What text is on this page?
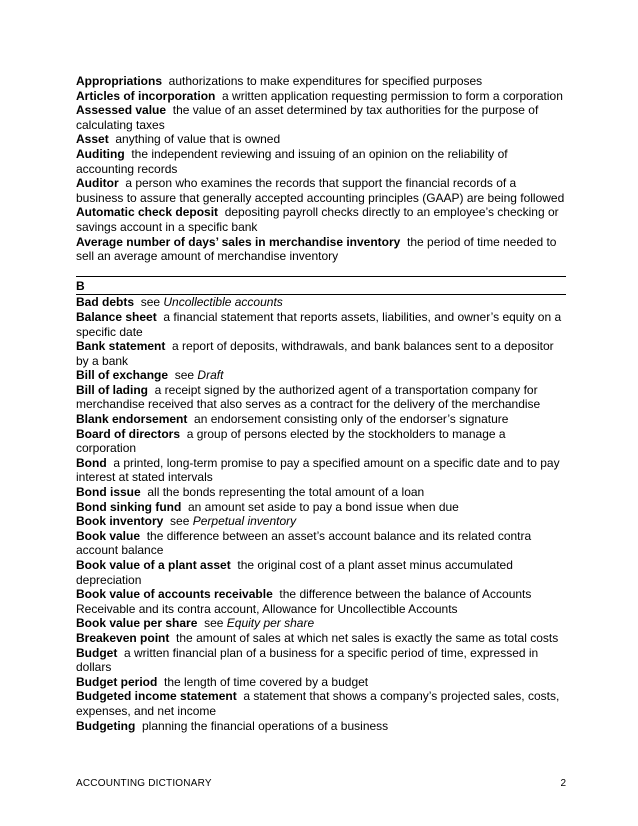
Appropriations authorizations to make expenditures for specified purposes

Articles of incorporation a written application requesting permission to form a corporation

Assessed value the value of an asset determined by tax authorities for the purpose of calculating taxes

Asset anything of value that is owned

Auditing the independent reviewing and issuing of an opinion on the reliability of accounting records

Auditor a person who examines the records that support the financial records of a business to assure that generally accepted accounting principles (GAAP) are being followed

Automatic check deposit depositing payroll checks directly to an employee’s checking or savings account in a specific bank

Average number of days’ sales in merchandise inventory the period of time needed to sell an average amount of merchandise inventory

B

Bad debts see Uncollectible accounts

Balance sheet a financial statement that reports assets, liabilities, and owner’s equity on a specific date

Bank statement a report of deposits, withdrawals, and bank balances sent to a depositor by a bank

Bill of exchange see Draft

Bill of lading a receipt signed by the authorized agent of a transportation company for merchandise received that also serves as a contract for the delivery of the merchandise

Blank endorsement an endorsement consisting only of the endorser’s signature

Board of directors a group of persons elected by the stockholders to manage a corporation

Bond a printed, long-term promise to pay a specified amount on a specific date and to pay interest at stated intervals

Bond issue all the bonds representing the total amount of a loan

Bond sinking fund an amount set aside to pay a bond issue when due

Book inventory see Perpetual inventory

Book value the difference between an asset’s account balance and its related contra account balance

Book value of a plant asset the original cost of a plant asset minus accumulated depreciation

Book value of accounts receivable the difference between the balance of Accounts Receivable and its contra account, Allowance for Uncollectible Accounts

Book value per share see Equity per share

Breakeven point the amount of sales at which net sales is exactly the same as total costs

Budget a written financial plan of a business for a specific period of time, expressed in dollars

Budget period the length of time covered by a budget

Budgeted income statement a statement that shows a company’s projected sales, costs, expenses, and net income

Budgeting planning the financial operations of a business

ACCOUNTING DICTIONARY	2
